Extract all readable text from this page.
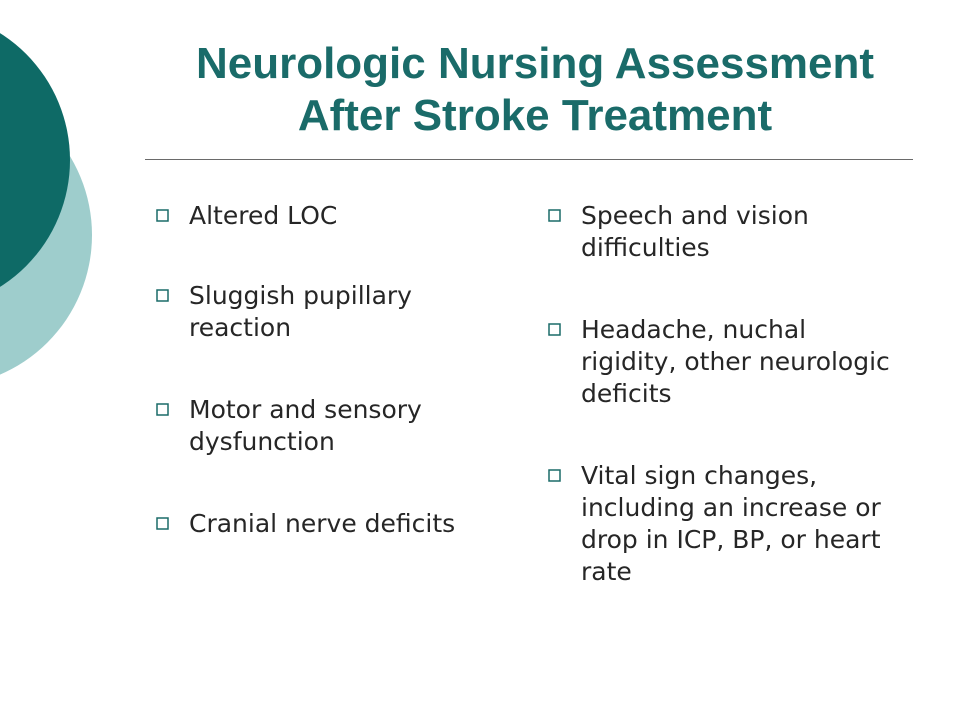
Neurologic Nursing Assessment
After Stroke Treatment
Altered LOC
Sluggish pupillary reaction
Motor and sensory dysfunction
Cranial nerve deficits
Speech and vision difficulties
Headache, nuchal rigidity, other neurologic deficits
Vital sign changes, including an increase or drop in ICP, BP, or heart rate
